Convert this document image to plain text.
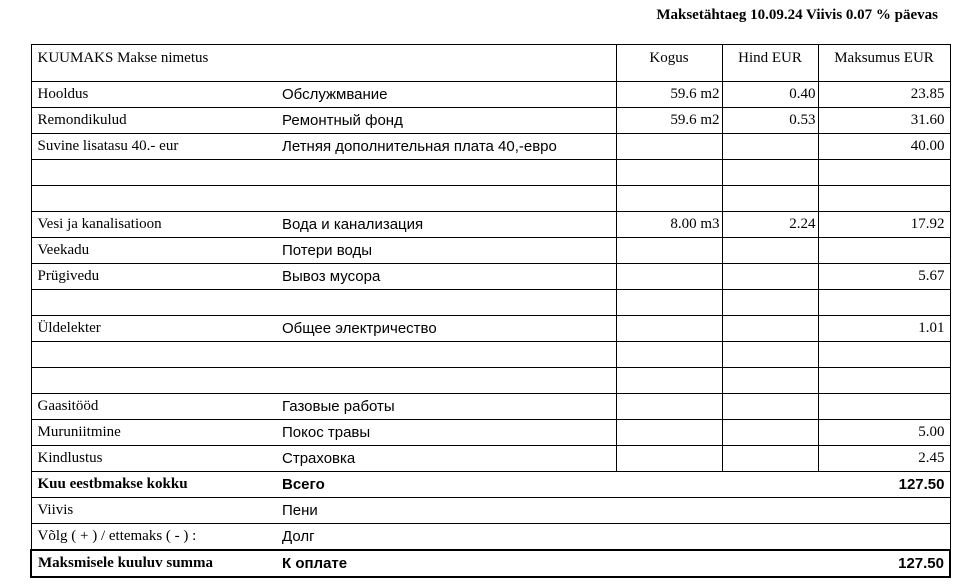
Maksetähtaeg 10.09.24 Viivis 0.07 % päevas
KUUMAKS Makse nimetus		Kogus	Hind EUR	Maksumus EUR
Hooldus	Обслужмвание	59.6 m2	0.40	23.85
Remondikulud	Ремонтный фонд	59.6 m2	0.53	31.60
Suvine lisatasu 40.- eur	Летняя дополнительная плата 40,-евро			40.00

Vesi ja kanalisatioon	Вода и канализация	8.00 m3	2.24	17.92
Veekadu	Потери воды			
Prügivedu	Вывоз мусора			5.67

Üldelekter	Общее электричество			1.01

Gaasitööd	Газовые работы			
Muruniitmine	Покос травы			5.00
Kindlustus	Страховка			2.45
Kuu eestbmakse kokku	Всего			127.50
Viivis	Пени			
Võlg ( + ) / ettemaks ( - ) :	Долг			
Maksmisele kuuluv summa	К оплате			127.50
